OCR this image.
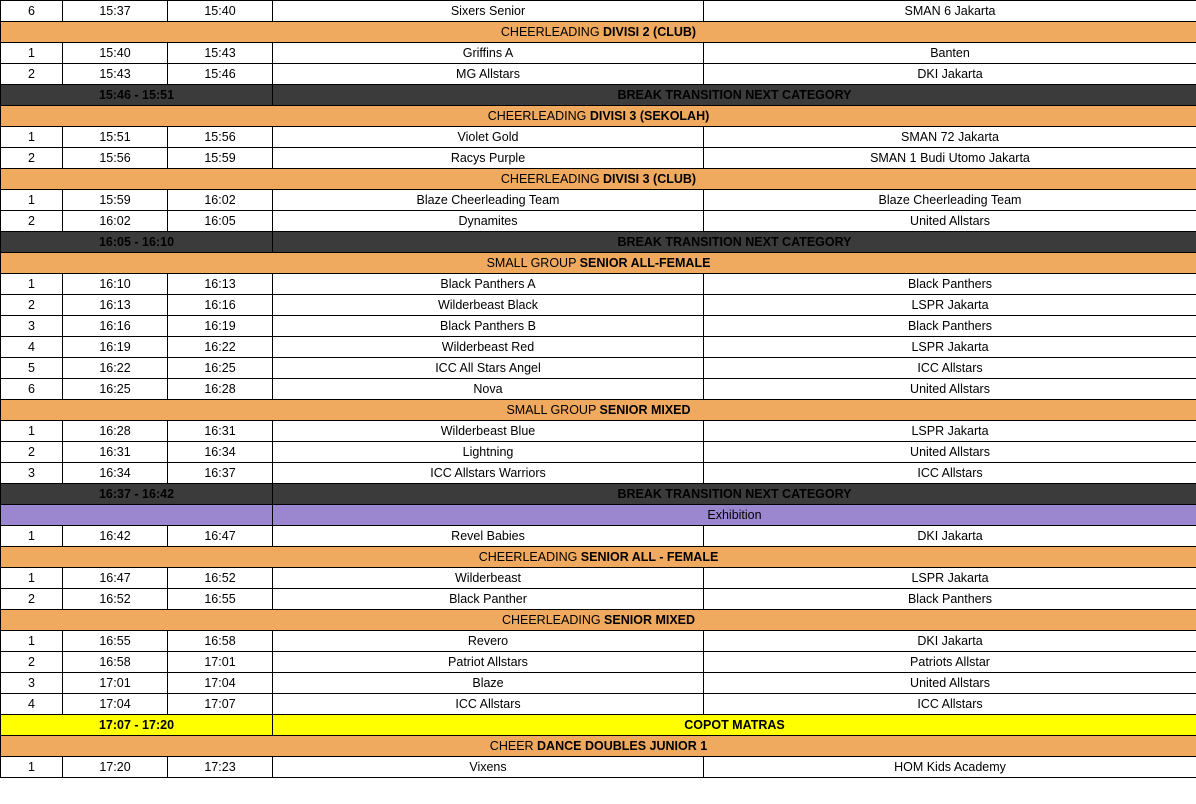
6	15:37	15:40	Sixers Senior	SMAN 6 Jakarta
CHEERLEADING DIVISI 2 (CLUB)				
1	15:40	15:43	Griffins A	Banten
2	15:43	15:46	MG Allstars	DKI Jakarta
15:46 - 15:51			BREAK TRANSITION NEXT CATEGORY	
CHEERLEADING DIVISI 3 (SEKOLAH)				
1	15:51	15:56	Violet Gold	SMAN 72 Jakarta
2	15:56	15:59	Racys Purple	SMAN 1 Budi Utomo Jakarta
CHEERLEADING DIVISI 3 (CLUB)				
1	15:59	16:02	Blaze Cheerleading Team	Blaze Cheerleading Team
2	16:02	16:05	Dynamites	United Allstars
16:05 - 16:10			BREAK TRANSITION NEXT CATEGORY	
SMALL GROUP SENIOR ALL-FEMALE				
1	16:10	16:13	Black Panthers A	Black Panthers
2	16:13	16:16	Wilderbeast Black	LSPR Jakarta
3	16:16	16:19	Black Panthers B	Black Panthers
4	16:19	16:22	Wilderbeast Red	LSPR Jakarta
5	16:22	16:25	ICC All Stars Angel	ICC Allstars
6	16:25	16:28	Nova	United Allstars
SMALL GROUP SENIOR MIXED				
1	16:28	16:31	Wilderbeast Blue	LSPR Jakarta
2	16:31	16:34	Lightning	United Allstars
3	16:34	16:37	ICC Allstars Warriors	ICC Allstars
16:37 - 16:42			BREAK TRANSITION NEXT CATEGORY	
			Exhibition	
1	16:42	16:47	Revel Babies	DKI Jakarta
CHEERLEADING SENIOR ALL - FEMALE				
1	16:47	16:52	Wilderbeast	LSPR Jakarta
2	16:52	16:55	Black Panther	Black Panthers
CHEERLEADING SENIOR MIXED				
1	16:55	16:58	Revero	DKI Jakarta
2	16:58	17:01	Patriot Allstars	Patriots Allstar
3	17:01	17:04	Blaze	United Allstars
4	17:04	17:07	ICC Allstars	ICC Allstars
17:07 - 17:20			COPOT MATRAS	
CHEER DANCE DOUBLES JUNIOR 1				
1	17:20	17:23	Vixens	HOM Kids Academy
